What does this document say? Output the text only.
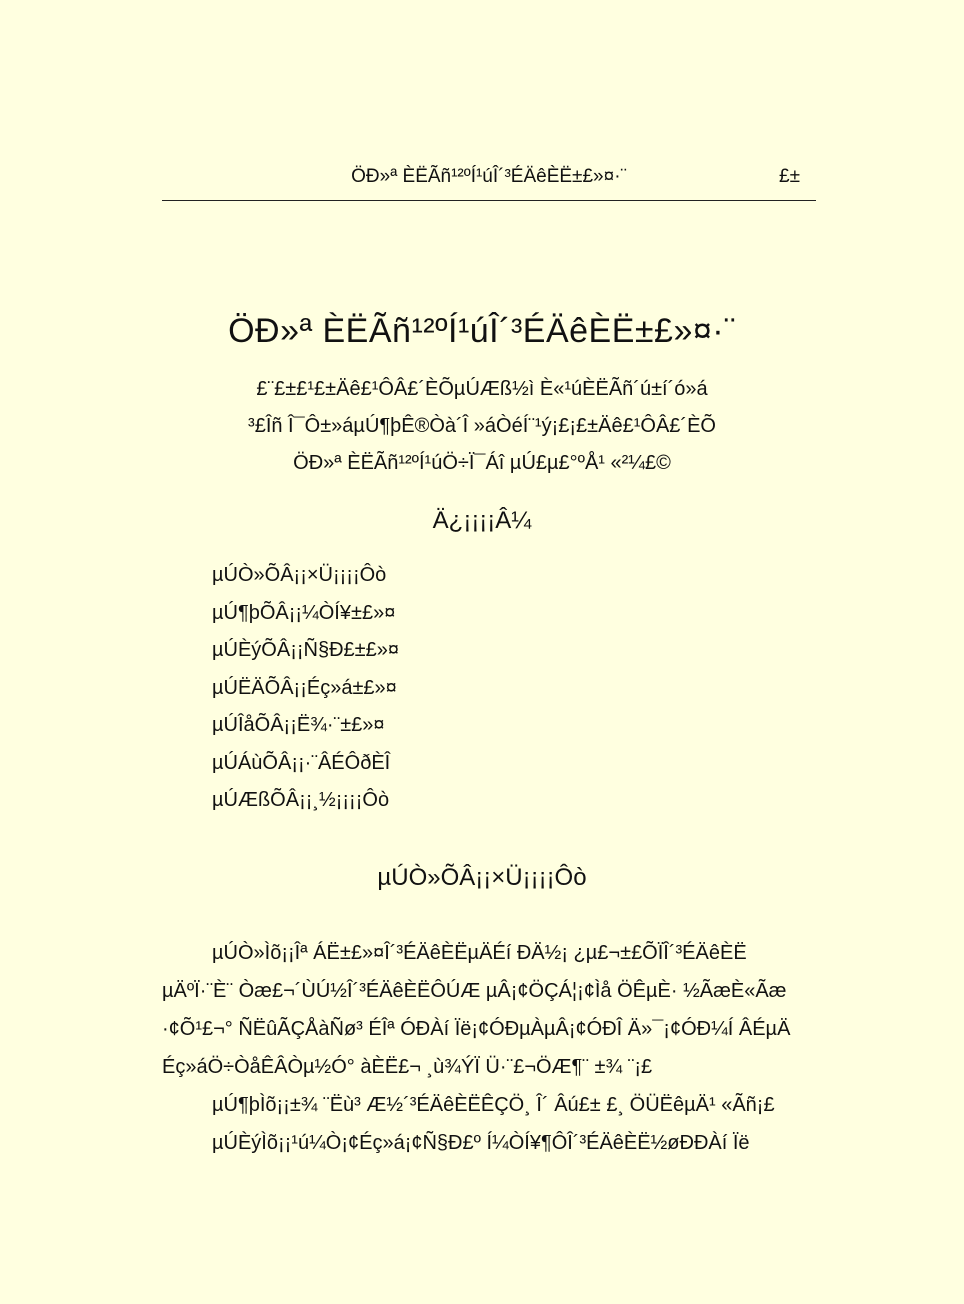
ÖÐ»ª ÈËÃñ¹²ºÍ¹úÎ´³ÉÄêÈË±£»¤·¨	£±
ÖÐ»ª ÈËÃñ¹²ºÍ¹úÎ´³ÉÄêÈË±£»¤·¨
£¨£±£¹£±Äê£¹ÔÂ£´ÈÕµÚÆß½ì È«¹úÈËÃñ´ú±í´ó»á
³£Îñ Î¯Ô±»áµÚ¶þÊ®Òà´Î »áÒéÍ¨¹ý¡£¡£±Äê£¹ÔÂ£´ÈÕ
ÖÐ»ª ÈËÃñ¹²ºÍ¹úÖ÷Ï¯Áî µÚ£µ£°ºÅ¹ «²¼£©
Ä¿¡¡¡¡Â¼
µÚÒ»ÕÂ¡¡×Ü¡¡¡¡Ôò
µÚ¶þÕÂ¡¡¼ÒÍ¥±£»¤
µÚÈýÕÂ¡¡Ñ§Ð£±£»¤
µÚËÄÕÂ¡¡Éç»á±£»¤
µÚÎåÕÂ¡¡Ë¾·¨±£»¤
µÚÁùÕÂ¡¡·¨ÂÉÔðÈÎ
µÚÆßÕÂ¡¡¸½¡¡¡¡Ôò
µÚÒ»ÕÂ¡¡×Ü¡¡¡¡Ôò
µÚÒ»Ìõ¡¡Îª ÁË±£»¤Î´³ÉÄêÈËµÄÉí ÐÄ½¡ ¿µ£¬±£ÕÏÎ´³ÉÄêÈË
µÄºÏ·¨È¨ Òæ£¬´ÙÚ½Î´³ÉÄêÈËÔÚÆ µÂ¡¢ÖÇÁ¦¡¢Ìå ÖÊµÈ· ½ÃæÈ«Ãæ
·¢Õ¹£¬° ÑËûÃÇÅàÑø³ ÉÎª ÓÐÀí Ïë¡¢ÓÐµÀµÂ¡¢ÓÐÎ Ä»¯¡¢ÓÐ¼Í ÂÉµÄ
Éç»áÖ÷ÒåÊÂÒµ½Ó° àÈË£¬ ¸ù¾ÝÏ Ü·¨£¬ÖÆ¶¨ ±¾ ¨¡£
µÚ¶þÌõ¡¡±¾ ¨Ëù³ Æ½´³ÉÄêÈËÊÇÖ¸ Î´ Âú£± £¸ ÖÜËêµÄ¹ «Ãñ¡£
µÚÈýÌõ¡¡¹ú¼Ò¡¢Éç»á¡¢Ñ§Ð£º Í¼ÒÍ¥¶ÔÎ´³ÉÄêÈË½øÐÐÀí Ïë
